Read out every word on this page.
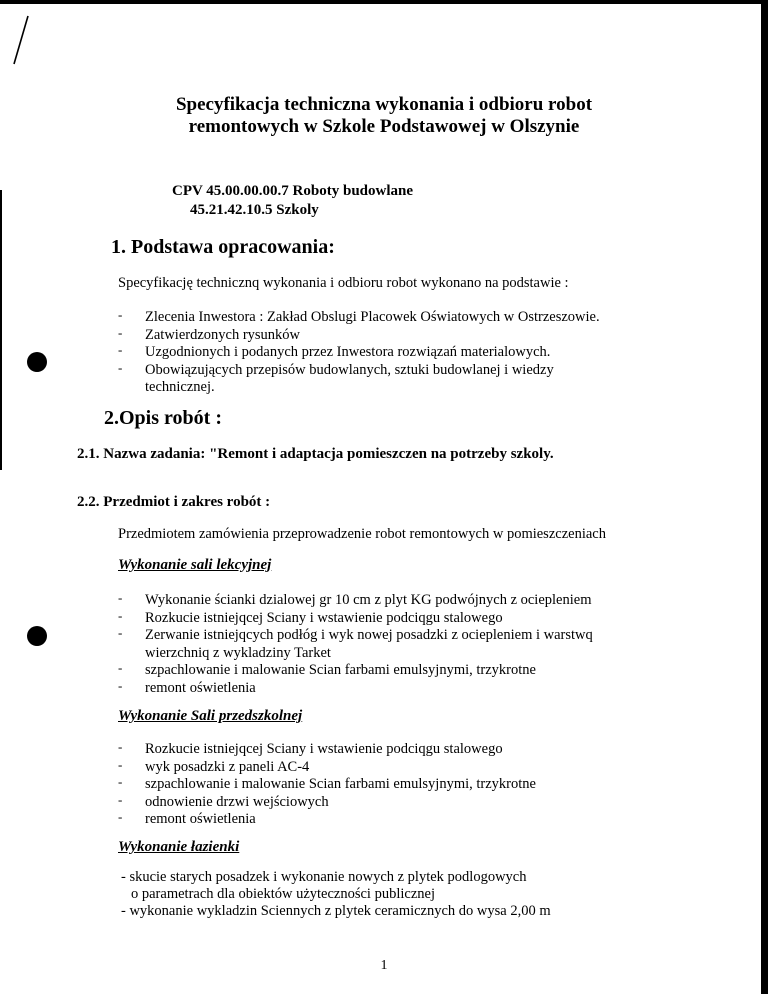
Specyfikacja techniczna wykonania i odbioru robot
remontowych w Szkole Podstawowej w Olszynie
CPV 45.00.00.00.7 Roboty budowlane
45.21.42.10.5 Szkoly
1. Podstawa opracowania:
Specyfikację technicznq wykonania i odbioru robot wykonano na podstawie :
- Zlecenia Inwestora : Zakład Obslugi Placowek Oświatowych w Ostrzeszowie.
- Zatwierdzonych rysunków
- Uzgodnionych i podanych przez Inwestora rozwiązań materialowych.
- Obowiązujących przepisów budowlanych, sztuki budowlanej i wiedzy
technicznej.
2.Opis robót :
2.1. Nazwa zadania: "Remont i adaptacja pomieszczen na potrzeby szkoly.
2.2. Przedmiot i zakres robót :
Przedmiotem zamówienia przeprowadzenie robot remontowych w pomieszczeniach
Wykonanie sali lekcyjnej
- Wykonanie ścianki dzialowej gr 10 cm z plyt KG podwójnych z ociepleniem
- Rozkucie istniejqcej Sciany i wstawienie podciqgu stalowego
- Zerwanie istniejqcych podłóg i wyk nowej posadzki z ociepleniem i warstwq
wierzchniq z wykladziny Tarket
- szpachlowanie i malowanie Scian farbami emulsyjnymi, trzykrotne
- remont oświetlenia
Wykonanie Sali przedszkolnej
- Rozkucie istniejqcej Sciany i wstawienie podciqgu stalowego
- wyk posadzki z paneli AC-4
- szpachlowanie i malowanie Scian farbami emulsyjnymi, trzykrotne
- odnowienie drzwi wejściowych
- remont oświetlenia
Wykonanie łazienki
- skucie starych posadzek i wykonanie nowych z plytek podlogowych
o parametrach dla obiektów użyteczności publicznej
- wykonanie wykladzin Sciennych z plytek ceramicznych do wysa 2,00 m
1
